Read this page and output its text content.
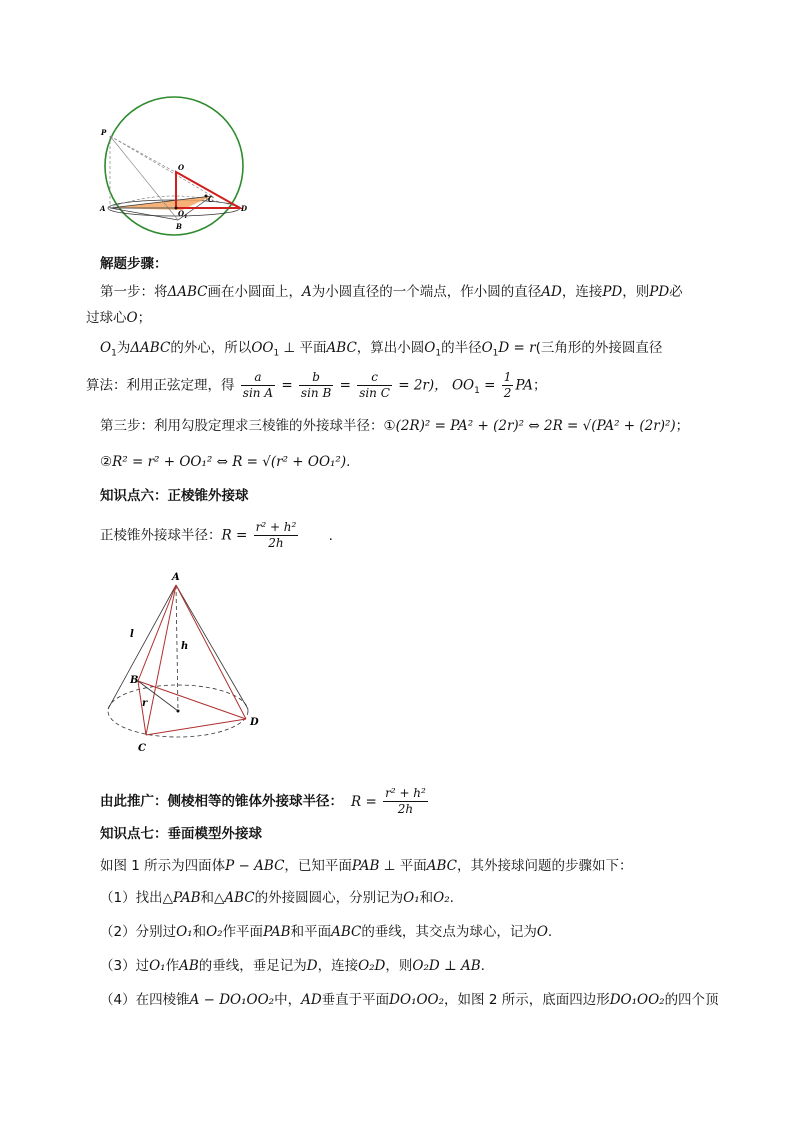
P
O
C
A	D
O 1
B
解题步骤：
第一步：将ΔABC画在小圆面上，A为小圆直径的一个端点，作小圆的直径AD，连接PD，则PD必
过球心O；
$O_1$为ΔABC的外心，所以$OO_1$ ⊥ 平面ABC，算出小圆$O_1$的半径$O_1D = r$(三角形的外接圆直径
算法：利用正弦定理，得 $\frac{a}{\text{sin A}} = \frac{b}{\text{sin B}} = \frac{c}{\text{sin C}} = 2r$)， $OO_1 = \frac{1}{2}$ PA；
第三步：利用勾股定理求三棱锥的外接球半径：①(2R)² = PA² + (2r)² ⇔ 2R = √(PA² + (2r)²)；
②R² = r² + OO₁² ⇔ R = √(r² + OO₁²).
知识点六：正棱锥外接球
正棱锥外接球半径：$R = \frac{\text{r² + h²}}{2h}$ .
A
l
h
B
r
C
D
由此推广：侧棱相等的锥体外接球半径： $R = \frac{\text{r² + h²}}{2h}$
知识点七：垂面模型外接球
如图 1 所示为四面体P − ABC，已知平面PAB ⊥ 平面ABC，其外接球问题的步骤如下：
（1）找出△PAB和△ABC的外接圆圆心，分别记为O₁和O₂.
（2）分别过O₁和O₂作平面PAB和平面ABC的垂线，其交点为球心，记为O.
（3）过O₁作AB的垂线，垂足记为D，连接O₂D，则O₂D ⊥ AB.
（4）在四棱锥A − DO₁OO₂中，AD垂直于平面DO₁OO₂，如图 2 所示，底面四边形DO₁OO₂的四个顶
